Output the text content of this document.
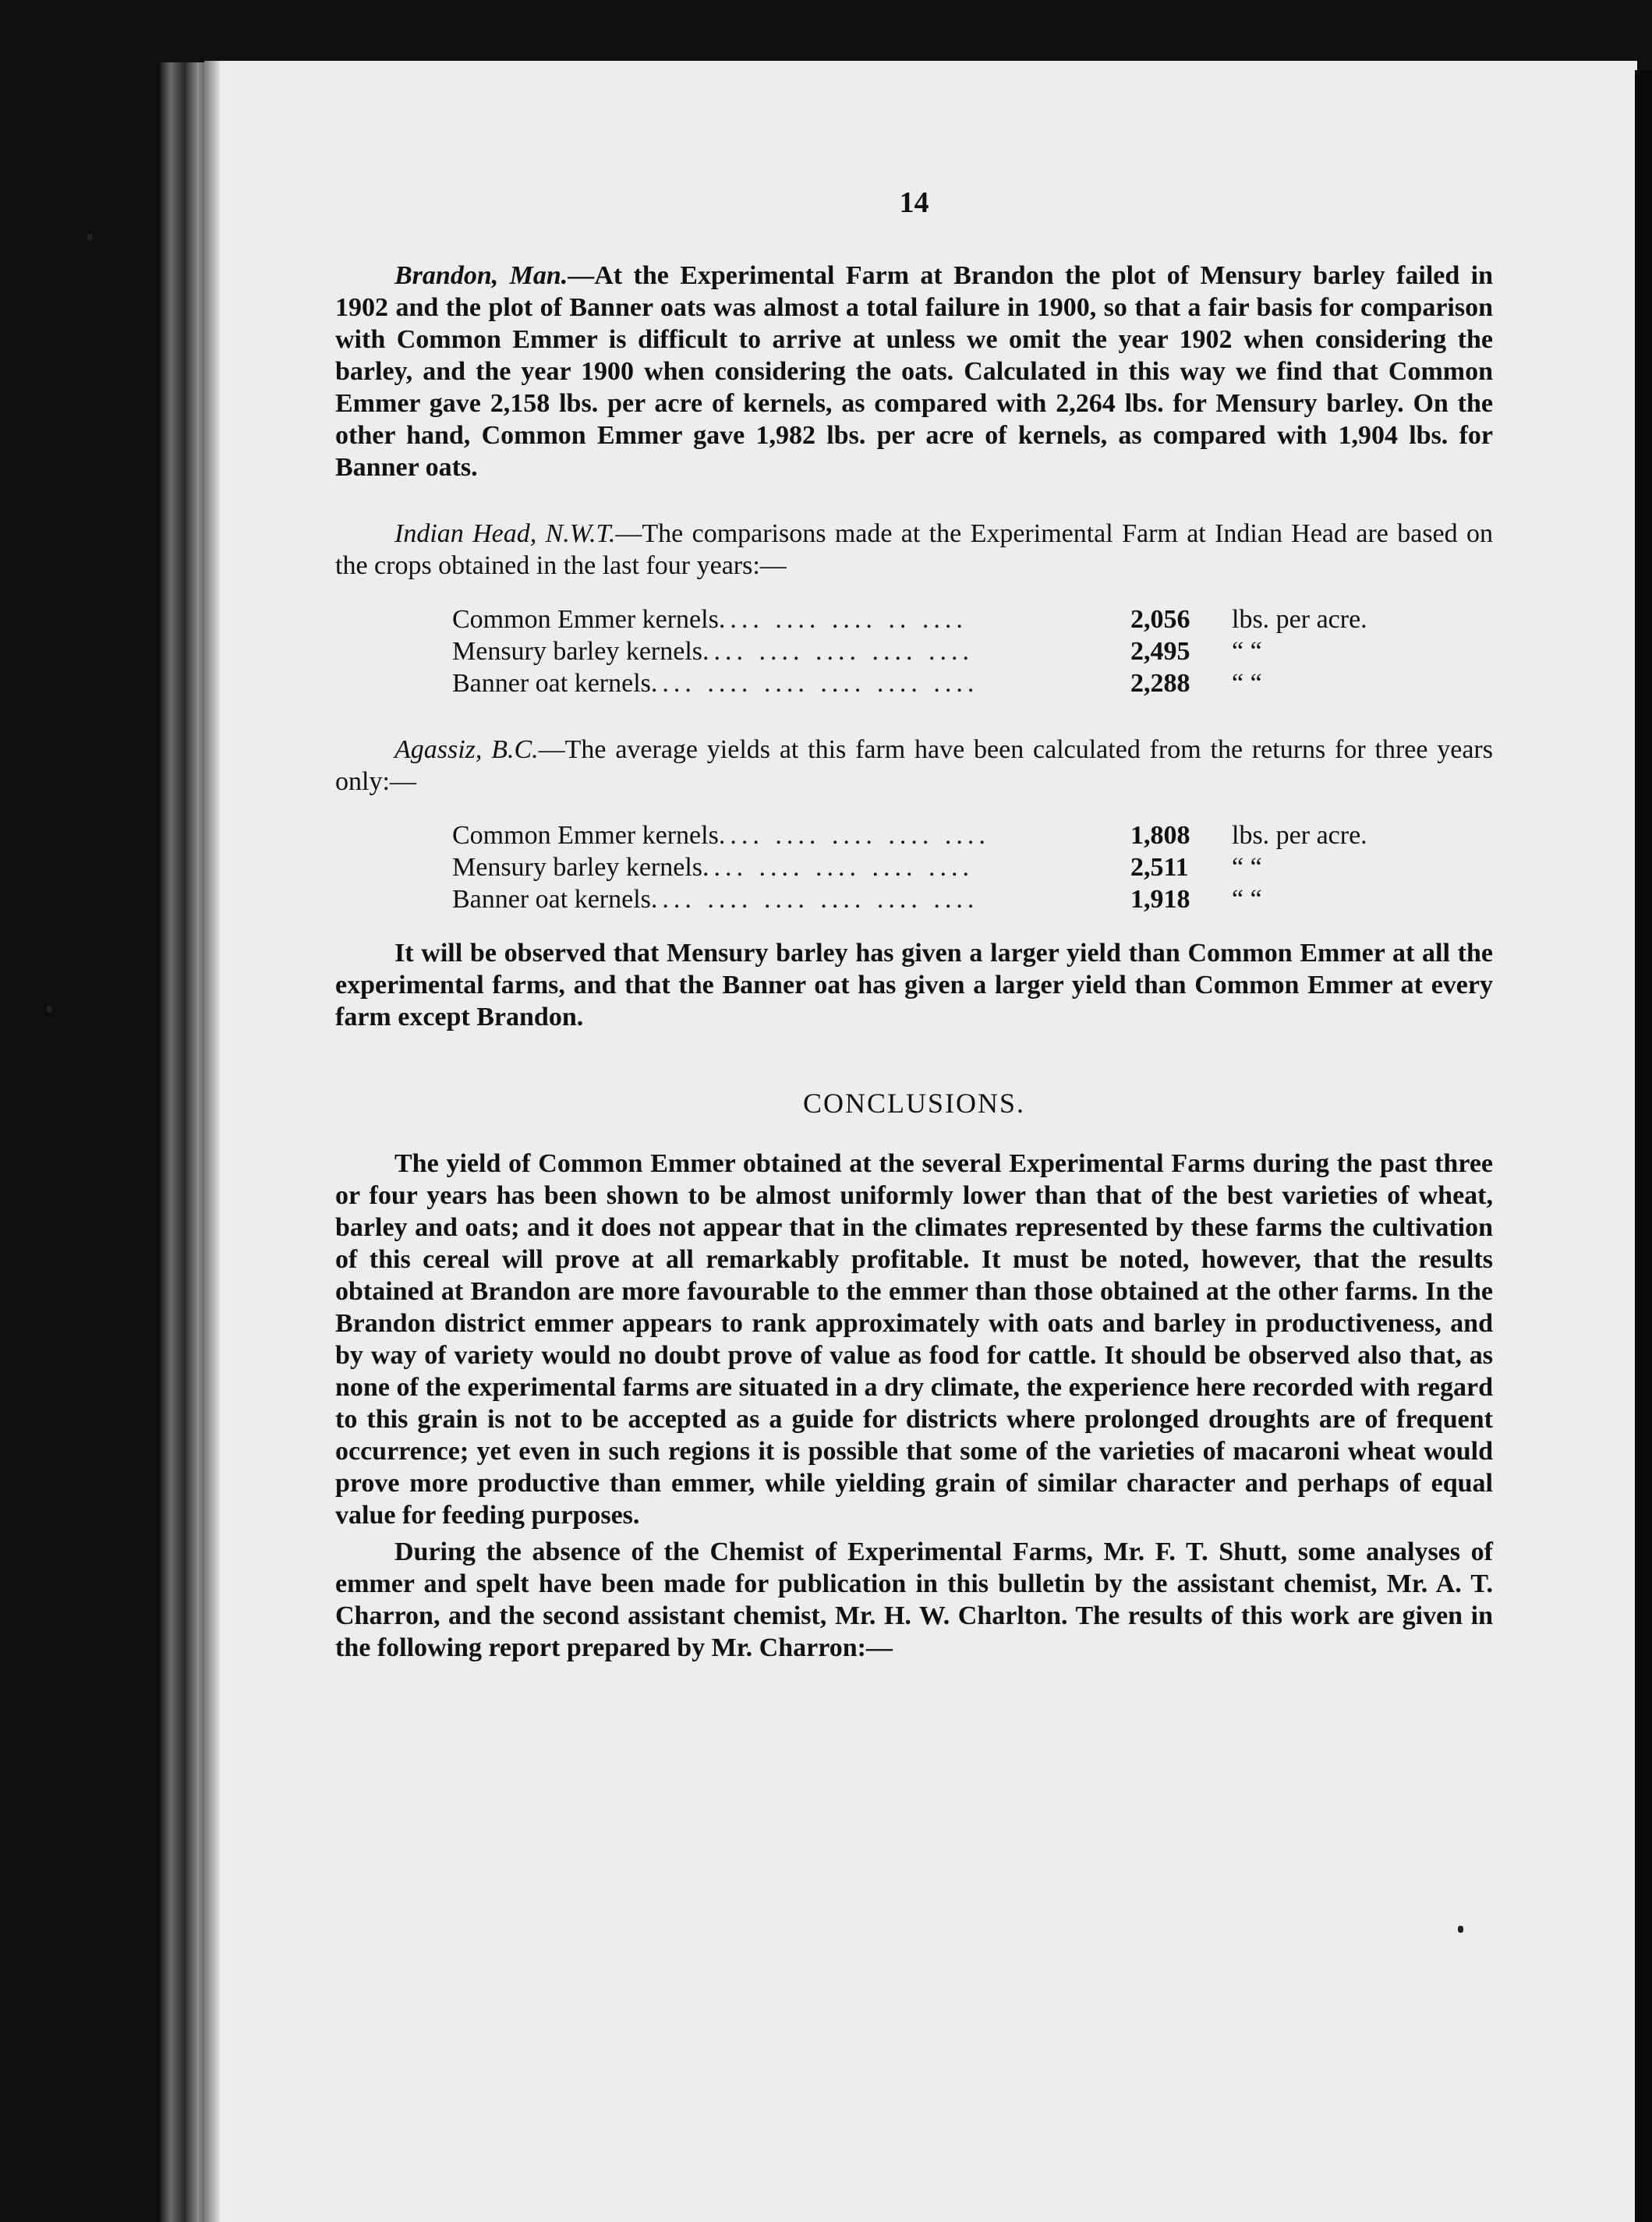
14

Brandon, Man.—At the Experimental Farm at Brandon the plot of Mensury barley failed in 1902 and the plot of Banner oats was almost a total failure in 1900, so that a fair basis for comparison with Common Emmer is difficult to arrive at unless we omit the year 1902 when considering the barley, and the year 1900 when considering the oats. Calculated in this way we find that Common Emmer gave 2,158 lbs. per acre of kernels, as compared with 2,264 lbs. for Mensury barley. On the other hand, Common Emmer gave 1,982 lbs. per acre of kernels, as compared with 1,904 lbs. for Banner oats.

Indian Head, N.W.T.—The comparisons made at the Experimental Farm at Indian Head are based on the crops obtained in the last four years:—

Common Emmer kernels.... .... .... .. ....	2,056	lbs. per acre.
Mensury barley kernels.... .... .... .... ....	2,495	“ “
Banner oat kernels.... .... .... .... .... ....	2,288	“ “

Agassiz, B.C.—The average yields at this farm have been calculated from the returns for three years only:—

Common Emmer kernels.... .... .... .... ....	1,808	lbs. per acre.
Mensury barley kernels.... .... .... .... ....	2,511	“ “
Banner oat kernels.... .... .... .... .... ....	1,918	“ “

It will be observed that Mensury barley has given a larger yield than Common Emmer at all the experimental farms, and that the Banner oat has given a larger yield than Common Emmer at every farm except Brandon.

CONCLUSIONS.

The yield of Common Emmer obtained at the several Experimental Farms during the past three or four years has been shown to be almost uniformly lower than that of the best varieties of wheat, barley and oats; and it does not appear that in the climates represented by these farms the cultivation of this cereal will prove at all remarkably profitable. It must be noted, however, that the results obtained at Brandon are more favourable to the emmer than those obtained at the other farms. In the Brandon district emmer appears to rank approximately with oats and barley in productiveness, and by way of variety would no doubt prove of value as food for cattle. It should be observed also that, as none of the experimental farms are situated in a dry climate, the experience here recorded with regard to this grain is not to be accepted as a guide for districts where prolonged droughts are of frequent occurrence; yet even in such regions it is possible that some of the varieties of macaroni wheat would prove more productive than emmer, while yielding grain of similar character and perhaps of equal value for feeding purposes.

During the absence of the Chemist of Experimental Farms, Mr. F. T. Shutt, some analyses of emmer and spelt have been made for publication in this bulletin by the assistant chemist, Mr. A. T. Charron, and the second assistant chemist, Mr. H. W. Charlton. The results of this work are given in the following report prepared by Mr. Charron:—
